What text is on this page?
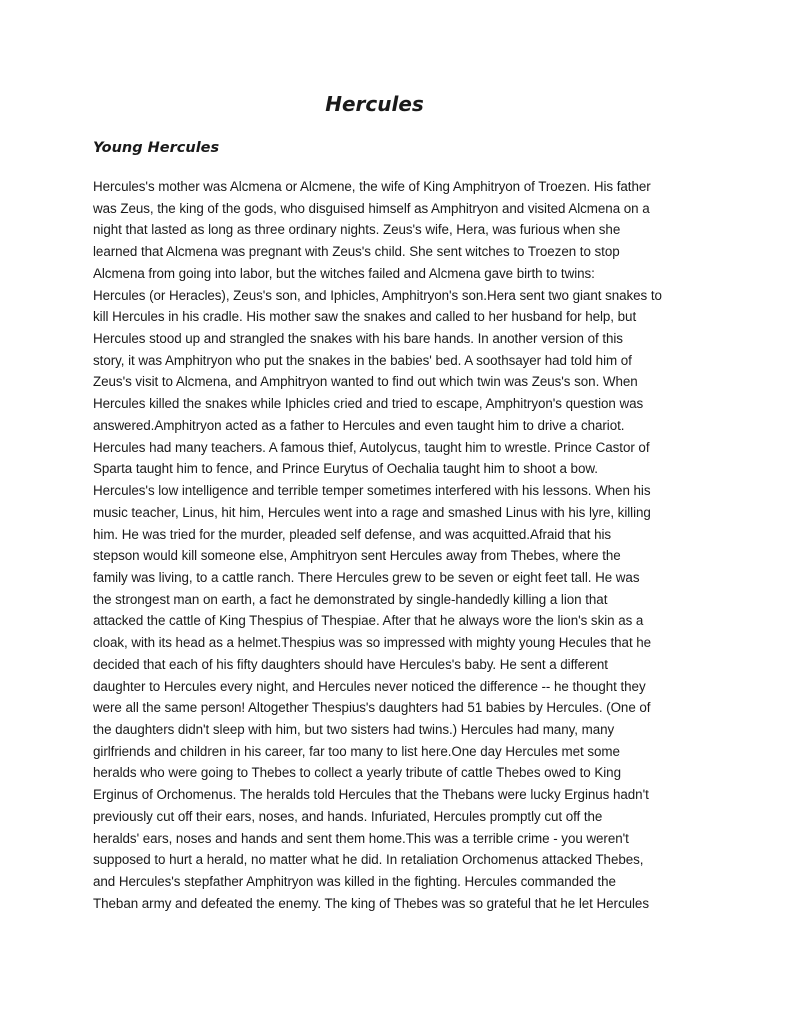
Hercules
Young Hercules
Hercules's mother was Alcmena or Alcmene, the wife of King Amphitryon of Troezen. His father
was Zeus, the king of the gods, who disguised himself as Amphitryon and visited Alcmena on a
night that lasted as long as three ordinary nights. Zeus's wife, Hera, was furious when she
learned that Alcmena was pregnant with Zeus's child. She sent witches to Troezen to stop
Alcmena from going into labor, but the witches failed and Alcmena gave birth to twins:
Hercules (or Heracles), Zeus's son, and Iphicles, Amphitryon's son.Hera sent two giant snakes to
kill Hercules in his cradle. His mother saw the snakes and called to her husband for help, but
Hercules stood up and strangled the snakes with his bare hands. In another version of this
story, it was Amphitryon who put the snakes in the babies' bed. A soothsayer had told him of
Zeus's visit to Alcmena, and Amphitryon wanted to find out which twin was Zeus's son. When
Hercules killed the snakes while Iphicles cried and tried to escape, Amphitryon's question was
answered.Amphitryon acted as a father to Hercules and even taught him to drive a chariot.
Hercules had many teachers. A famous thief, Autolycus, taught him to wrestle. Prince Castor of
Sparta taught him to fence, and Prince Eurytus of Oechalia taught him to shoot a bow.
Hercules's low intelligence and terrible temper sometimes interfered with his lessons. When his
music teacher, Linus, hit him, Hercules went into a rage and smashed Linus with his lyre, killing
him. He was tried for the murder, pleaded self defense, and was acquitted.Afraid that his
stepson would kill someone else, Amphitryon sent Hercules away from Thebes, where the
family was living, to a cattle ranch. There Hercules grew to be seven or eight feet tall. He was
the strongest man on earth, a fact he demonstrated by single-handedly killing a lion that
attacked the cattle of King Thespius of Thespiae. After that he always wore the lion's skin as a
cloak, with its head as a helmet.Thespius was so impressed with mighty young Hecules that he
decided that each of his fifty daughters should have Hercules's baby. He sent a different
daughter to Hercules every night, and Hercules never noticed the difference -- he thought they
were all the same person! Altogether Thespius's daughters had 51 babies by Hercules. (One of
the daughters didn't sleep with him, but two sisters had twins.) Hercules had many, many
girlfriends and children in his career, far too many to list here.One day Hercules met some
heralds who were going to Thebes to collect a yearly tribute of cattle Thebes owed to King
Erginus of Orchomenus. The heralds told Hercules that the Thebans were lucky Erginus hadn't
previously cut off their ears, noses, and hands. Infuriated, Hercules promptly cut off the
heralds' ears, noses and hands and sent them home.This was a terrible crime - you weren't
supposed to hurt a herald, no matter what he did. In retaliation Orchomenus attacked Thebes,
and Hercules's stepfather Amphitryon was killed in the fighting. Hercules commanded the
Theban army and defeated the enemy. The king of Thebes was so grateful that he let Hercules
